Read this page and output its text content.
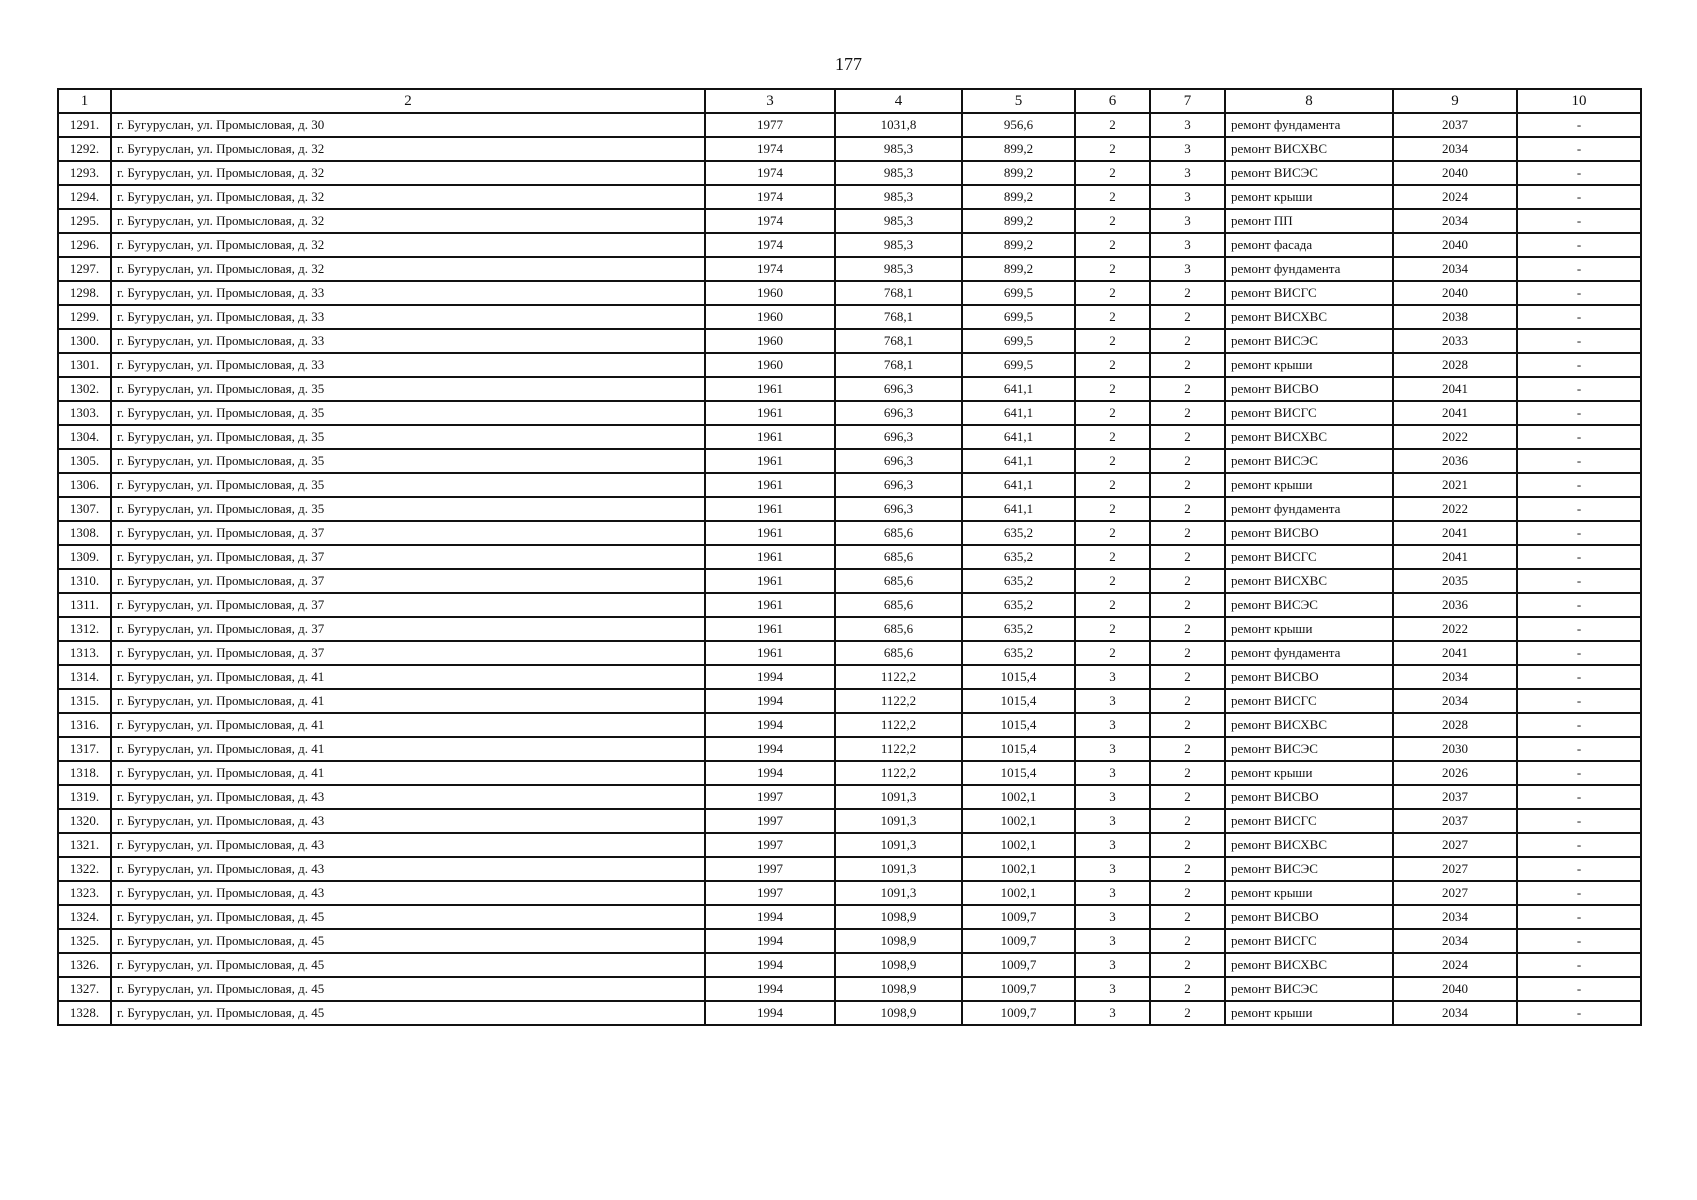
177
1	2	3	4	5	6	7	8	9	10
1291.	г. Бугуруслан, ул. Промысловая, д. 30	1977	1031,8	956,6	2	3	ремонт фундамента	2037	-
1292.	г. Бугуруслан, ул. Промысловая, д. 32	1974	985,3	899,2	2	3	ремонт ВИСХВС	2034	-
1293.	г. Бугуруслан, ул. Промысловая, д. 32	1974	985,3	899,2	2	3	ремонт ВИСЭС	2040	-
1294.	г. Бугуруслан, ул. Промысловая, д. 32	1974	985,3	899,2	2	3	ремонт крыши	2024	-
1295.	г. Бугуруслан, ул. Промысловая, д. 32	1974	985,3	899,2	2	3	ремонт ПП	2034	-
1296.	г. Бугуруслан, ул. Промысловая, д. 32	1974	985,3	899,2	2	3	ремонт фасада	2040	-
1297.	г. Бугуруслан, ул. Промысловая, д. 32	1974	985,3	899,2	2	3	ремонт фундамента	2034	-
1298.	г. Бугуруслан, ул. Промысловая, д. 33	1960	768,1	699,5	2	2	ремонт ВИСГС	2040	-
1299.	г. Бугуруслан, ул. Промысловая, д. 33	1960	768,1	699,5	2	2	ремонт ВИСХВС	2038	-
1300.	г. Бугуруслан, ул. Промысловая, д. 33	1960	768,1	699,5	2	2	ремонт ВИСЭС	2033	-
1301.	г. Бугуруслан, ул. Промысловая, д. 33	1960	768,1	699,5	2	2	ремонт крыши	2028	-
1302.	г. Бугуруслан, ул. Промысловая, д. 35	1961	696,3	641,1	2	2	ремонт ВИСВО	2041	-
1303.	г. Бугуруслан, ул. Промысловая, д. 35	1961	696,3	641,1	2	2	ремонт ВИСГС	2041	-
1304.	г. Бугуруслан, ул. Промысловая, д. 35	1961	696,3	641,1	2	2	ремонт ВИСХВС	2022	-
1305.	г. Бугуруслан, ул. Промысловая, д. 35	1961	696,3	641,1	2	2	ремонт ВИСЭС	2036	-
1306.	г. Бугуруслан, ул. Промысловая, д. 35	1961	696,3	641,1	2	2	ремонт крыши	2021	-
1307.	г. Бугуруслан, ул. Промысловая, д. 35	1961	696,3	641,1	2	2	ремонт фундамента	2022	-
1308.	г. Бугуруслан, ул. Промысловая, д. 37	1961	685,6	635,2	2	2	ремонт ВИСВО	2041	-
1309.	г. Бугуруслан, ул. Промысловая, д. 37	1961	685,6	635,2	2	2	ремонт ВИСГС	2041	-
1310.	г. Бугуруслан, ул. Промысловая, д. 37	1961	685,6	635,2	2	2	ремонт ВИСХВС	2035	-
1311.	г. Бугуруслан, ул. Промысловая, д. 37	1961	685,6	635,2	2	2	ремонт ВИСЭС	2036	-
1312.	г. Бугуруслан, ул. Промысловая, д. 37	1961	685,6	635,2	2	2	ремонт крыши	2022	-
1313.	г. Бугуруслан, ул. Промысловая, д. 37	1961	685,6	635,2	2	2	ремонт фундамента	2041	-
1314.	г. Бугуруслан, ул. Промысловая, д. 41	1994	1122,2	1015,4	3	2	ремонт ВИСВО	2034	-
1315.	г. Бугуруслан, ул. Промысловая, д. 41	1994	1122,2	1015,4	3	2	ремонт ВИСГС	2034	-
1316.	г. Бугуруслан, ул. Промысловая, д. 41	1994	1122,2	1015,4	3	2	ремонт ВИСХВС	2028	-
1317.	г. Бугуруслан, ул. Промысловая, д. 41	1994	1122,2	1015,4	3	2	ремонт ВИСЭС	2030	-
1318.	г. Бугуруслан, ул. Промысловая, д. 41	1994	1122,2	1015,4	3	2	ремонт крыши	2026	-
1319.	г. Бугуруслан, ул. Промысловая, д. 43	1997	1091,3	1002,1	3	2	ремонт ВИСВО	2037	-
1320.	г. Бугуруслан, ул. Промысловая, д. 43	1997	1091,3	1002,1	3	2	ремонт ВИСГС	2037	-
1321.	г. Бугуруслан, ул. Промысловая, д. 43	1997	1091,3	1002,1	3	2	ремонт ВИСХВС	2027	-
1322.	г. Бугуруслан, ул. Промысловая, д. 43	1997	1091,3	1002,1	3	2	ремонт ВИСЭС	2027	-
1323.	г. Бугуруслан, ул. Промысловая, д. 43	1997	1091,3	1002,1	3	2	ремонт крыши	2027	-
1324.	г. Бугуруслан, ул. Промысловая, д. 45	1994	1098,9	1009,7	3	2	ремонт ВИСВО	2034	-
1325.	г. Бугуруслан, ул. Промысловая, д. 45	1994	1098,9	1009,7	3	2	ремонт ВИСГС	2034	-
1326.	г. Бугуруслан, ул. Промысловая, д. 45	1994	1098,9	1009,7	3	2	ремонт ВИСХВС	2024	-
1327.	г. Бугуруслан, ул. Промысловая, д. 45	1994	1098,9	1009,7	3	2	ремонт ВИСЭС	2040	-
1328.	г. Бугуруслан, ул. Промысловая, д. 45	1994	1098,9	1009,7	3	2	ремонт крыши	2034	-
